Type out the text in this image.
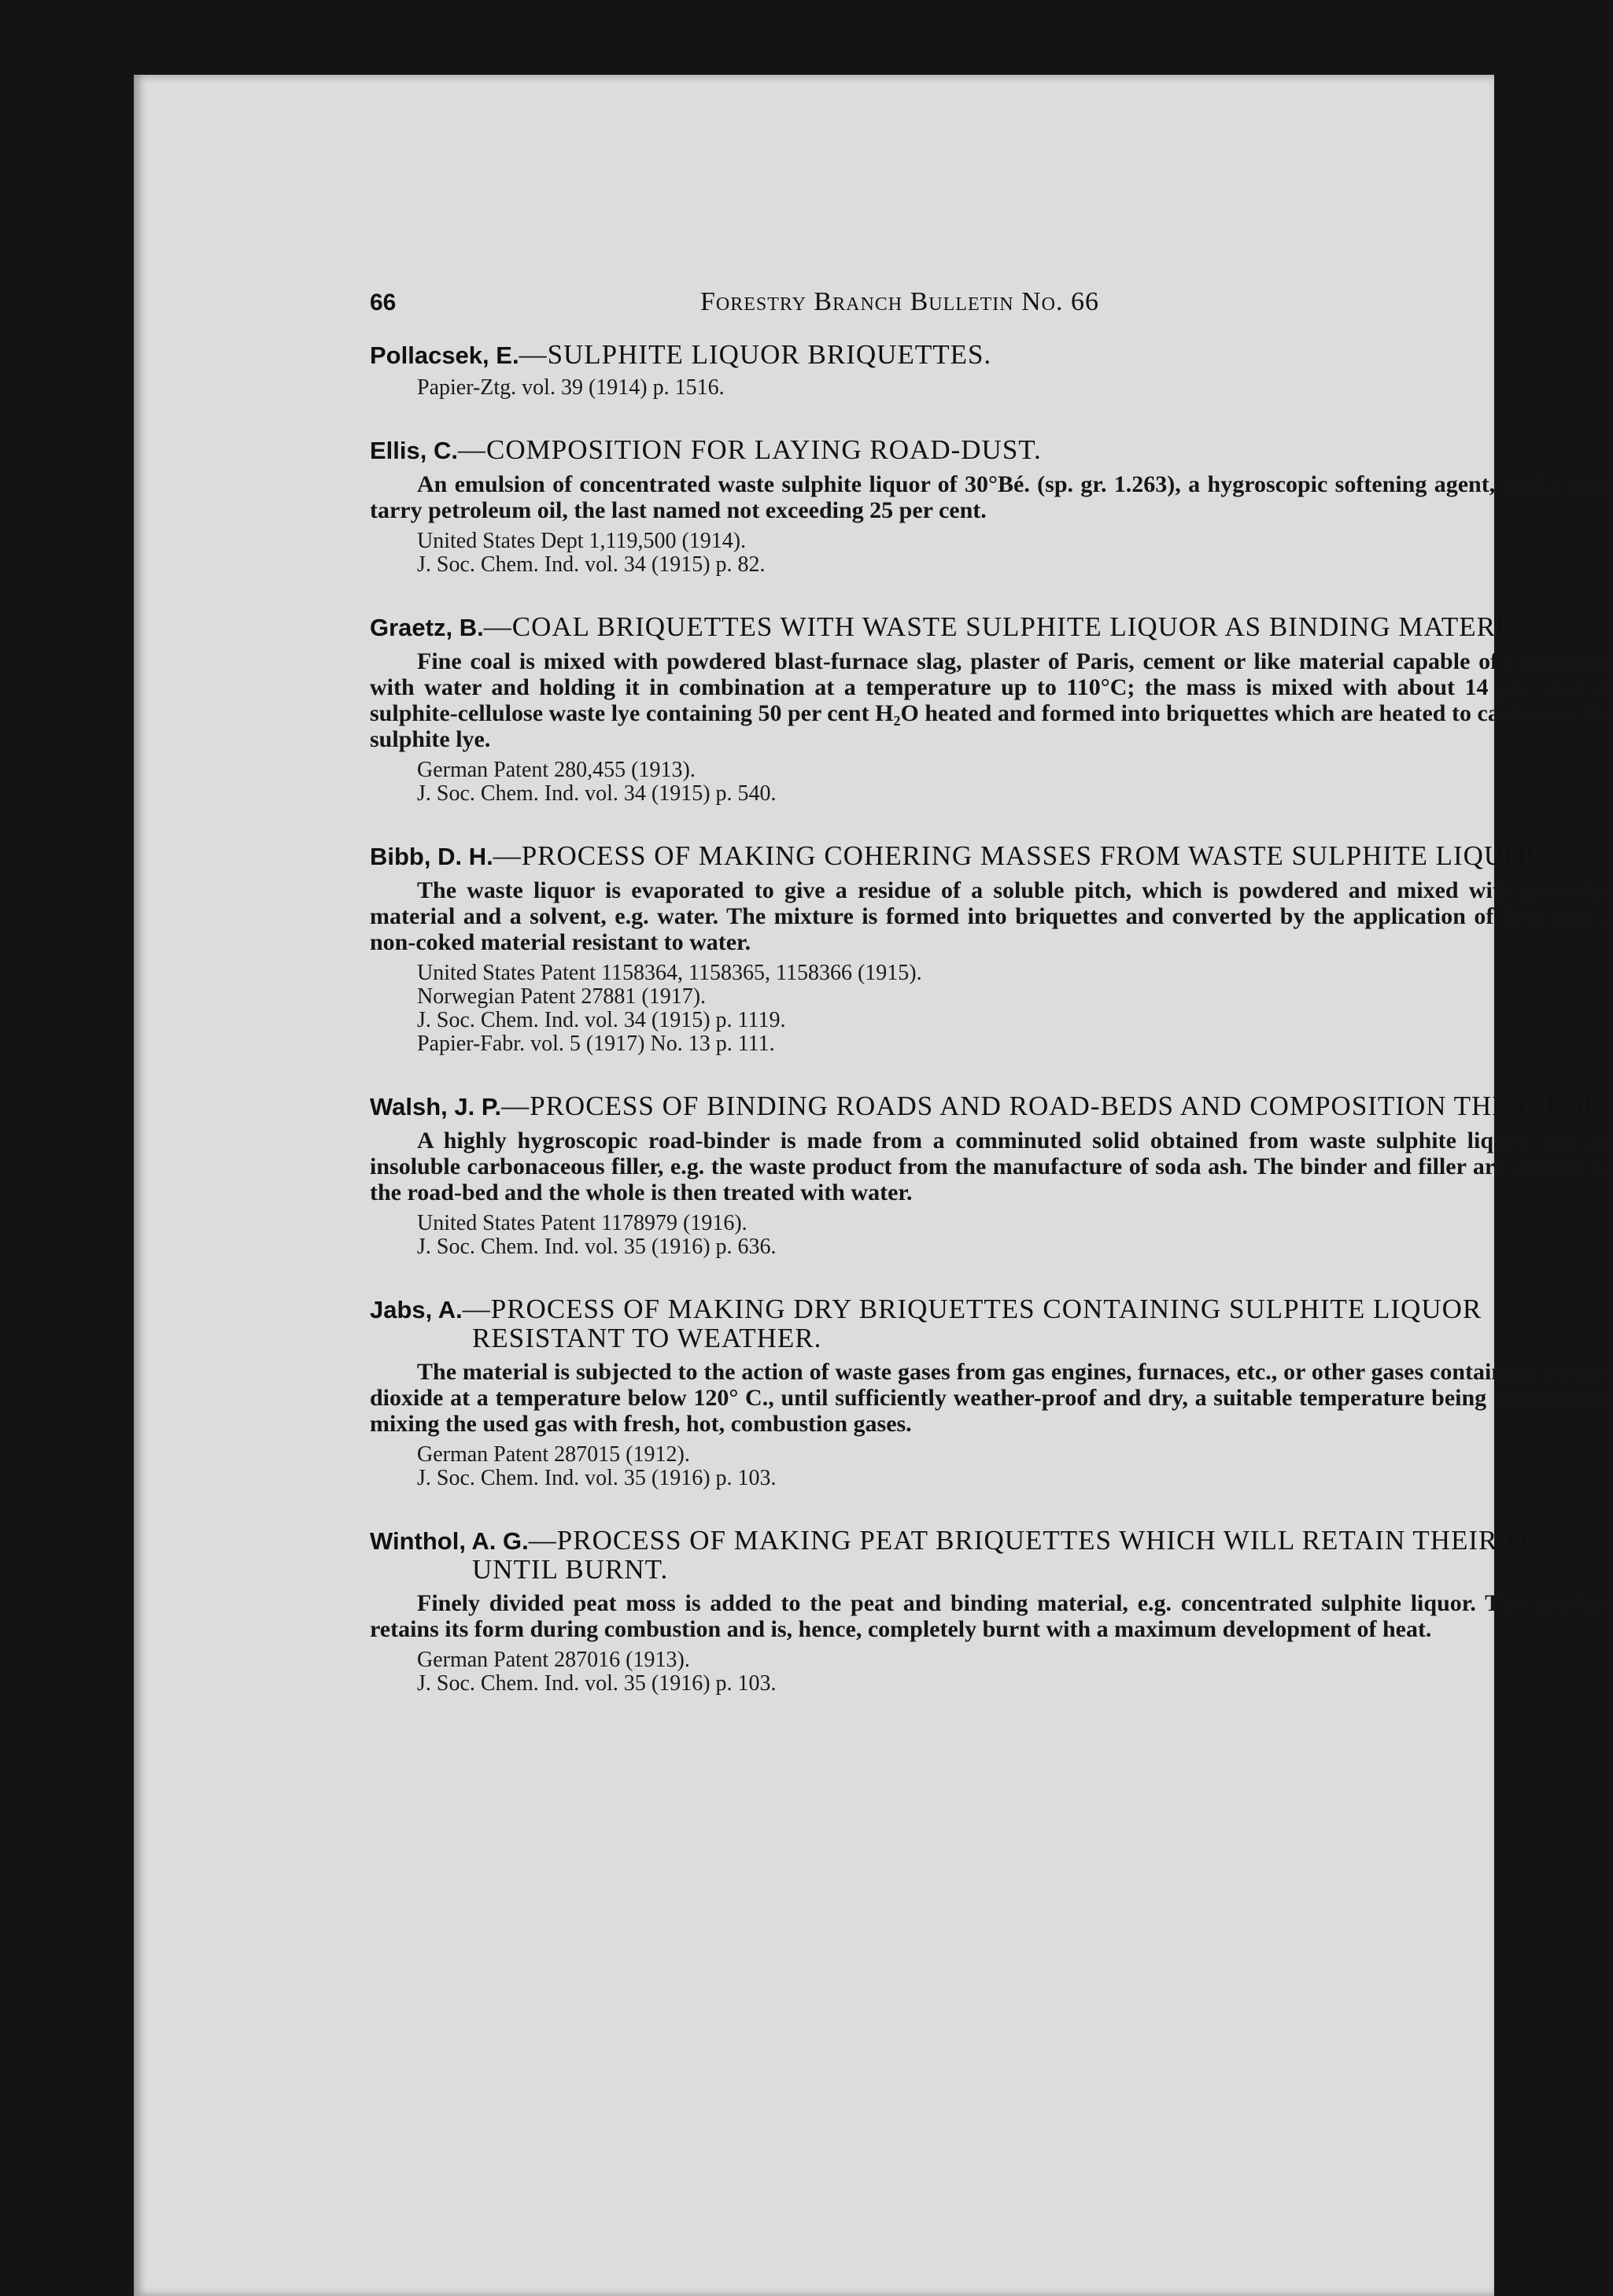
66	Forestry Branch Bulletin No. 66
Pollacsek, E.—SULPHITE LIQUOR BRIQUETTES.
Papier-Ztg. vol. 39 (1914) p. 1516.
Ellis, C.—COMPOSITION FOR LAYING ROAD-DUST.
An emulsion of concentrated waste sulphite liquor of 30°Bé. (sp. gr. 1.263), a hygroscopic softening agent, and a non-tarry petroleum oil, the last named not exceeding 25 per cent.
United States Dept 1,119,500 (1914).
J. Soc. Chem. Ind. vol. 34 (1915) p. 82.
Graetz, B.—COAL BRIQUETTES WITH WASTE SULPHITE LIQUOR AS BINDING MATERIAL.
Fine coal is mixed with powdered blast-furnace slag, plaster of Paris, cement or like material capable of combining with water and holding it in combination at a temperature up to 110°C; the mass is mixed with about 14 per cent of sulphite-cellulose waste lye containing 50 per cent H₂O heated and formed into briquettes which are heated to carbonize the sulphite lye.
German Patent 280,455 (1913).
J. Soc. Chem. Ind. vol. 34 (1915) p. 540.
Bibb, D. H.—PROCESS OF MAKING COHERING MASSES FROM WASTE SULPHITE LIQUOR.
The waste liquor is evaporated to give a residue of a soluble pitch, which is powdered and mixed with granular material and a solvent, e.g. water. The mixture is formed into briquettes and converted by the application of heat into a non-coked material resistant to water.
United States Patent 1158364, 1158365, 1158366 (1915).
Norwegian Patent 27881 (1917).
J. Soc. Chem. Ind. vol. 34 (1915) p. 1119.
Papier-Fabr. vol. 5 (1917) No. 13 p. 111.
Walsh, J. P.—PROCESS OF BINDING ROADS AND ROAD-BEDS AND COMPOSITION THEREFOR.
A highly hygroscopic road-binder is made from a comminuted solid obtained from waste sulphite liquor and an insoluble carbonaceous filler, e.g. the waste product from the manufacture of soda ash. The binder and filler are applied to the road-bed and the whole is then treated with water.
United States Patent 1178979 (1916).
J. Soc. Chem. Ind. vol. 35 (1916) p. 636.
Jabs, A.—PROCESS OF MAKING DRY BRIQUETTES CONTAINING SULPHITE LIQUOR RESISTANT TO WEATHER.
The material is subjected to the action of waste gases from gas engines, furnaces, etc., or other gases containing carbon dioxide at a temperature below 120° C., until sufficiently weather-proof and dry, a suitable temperature being obtained by mixing the used gas with fresh, hot, combustion gases.
German Patent 287015 (1912).
J. Soc. Chem. Ind. vol. 35 (1916) p. 103.
Winthol, A. G.—PROCESS OF MAKING PEAT BRIQUETTES WHICH WILL RETAIN THEIR FORM UNTIL BURNT.
Finely divided peat moss is added to the peat and binding material, e.g. concentrated sulphite liquor. The product retains its form during combustion and is, hence, completely burnt with a maximum development of heat.
German Patent 287016 (1913).
J. Soc. Chem. Ind. vol. 35 (1916) p. 103.
